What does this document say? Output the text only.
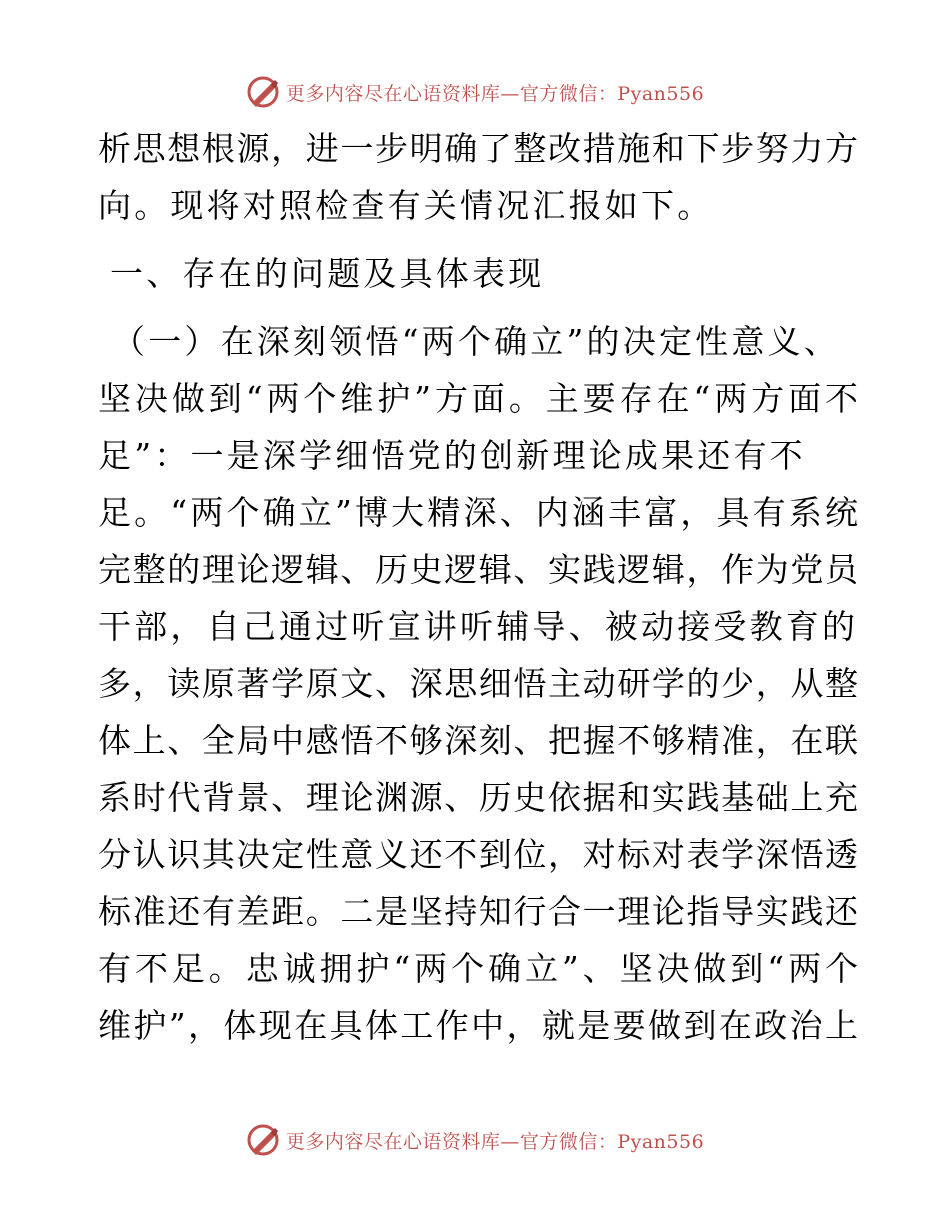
更多内容尽在心语资料库—官方微信：Pyan556
析思想根源，进一步明确了整改措施和下步努力方
向。现将对照检查有关情况汇报如下。
一、存在的问题及具体表现
（一）在深刻领悟“两个确立”的决定性意义、
坚决做到“两个维护”方面。主要存在“两方面不
足”：一是深学细悟党的创新理论成果还有不
足。“两个确立”博大精深、内涵丰富，具有系统
完整的理论逻辑、历史逻辑、实践逻辑，作为党员
干部，自己通过听宣讲听辅导、被动接受教育的
多，读原著学原文、深思细悟主动研学的少，从整
体上、全局中感悟不够深刻、把握不够精准，在联
系时代背景、理论渊源、历史依据和实践基础上充
分认识其决定性意义还不到位，对标对表学深悟透
标准还有差距。二是坚持知行合一理论指导实践还
有不足。忠诚拥护“两个确立”、坚决做到“两个
维护”，体现在具体工作中，就是要做到在政治上
更多内容尽在心语资料库—官方微信：Pyan556
